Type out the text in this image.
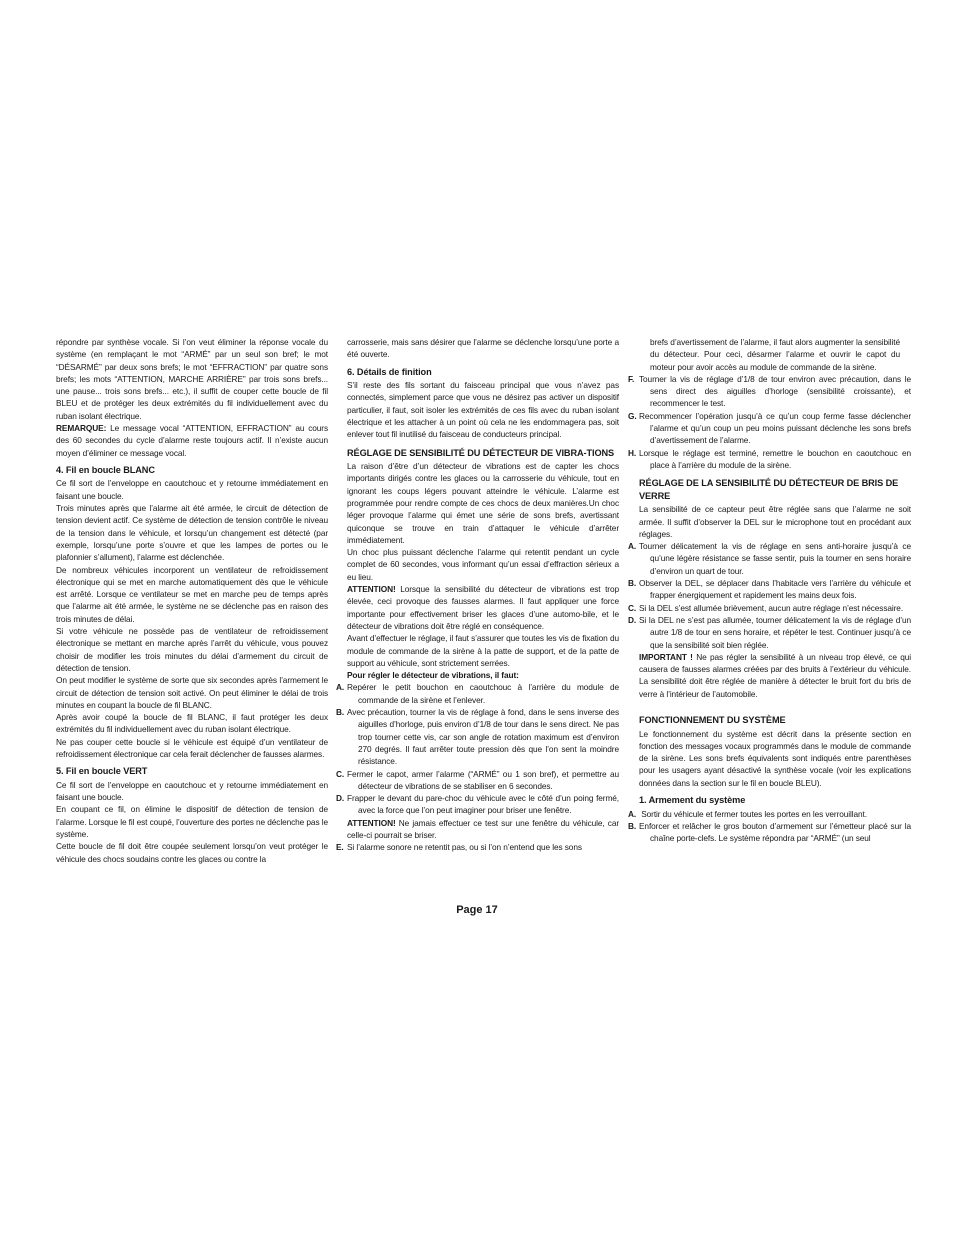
répondre par synthèse vocale. Si l’on veut éliminer la réponse vocale du système (en remplaçant le mot “ARMÉ” par un seul son bref; le mot “DÉSARMÉ” par deux sons brefs; le mot “EFFRACTION” par quatre sons brefs; les mots “ATTENTION, MARCHE ARRIÈRE” par trois sons brefs... une pause... trois sons brefs... etc.), il suffit de couper cette boucle de fil BLEU et de protéger les deux extrémités du fil individuellement avec du ruban isolant électrique.

REMARQUE: Le message vocal “ATTENTION, EFFRACTION” au cours des 60 secondes du cycle d’alarme reste toujours actif. Il n’existe aucun moyen d’éliminer ce message vocal.

4. Fil en boucle BLANC

Ce fil sort de l’enveloppe en caoutchouc et y retourne immédiatement en faisant une boucle.

Trois minutes après que l’alarme ait été armée, le circuit de détection de tension devient actif. Ce système de détection de tension contrôle le niveau de la tension dans le véhicule, et lorsqu’un changement est détecté (par exemple, lorsqu’une porte s’ouvre et que les lampes de portes ou le plafonnier s’allument), l’alarme est déclenchée.

De nombreux véhicules incorporent un ventilateur de refroidissement électronique qui se met en marche automatiquement dès que le véhicule est arrêté. Lorsque ce ventilateur se met en marche peu de temps après que l’alarme ait été armée, le système ne se déclenche pas en raison des trois minutes de délai.

Si votre véhicule ne possède pas de ventilateur de refroidissement électronique se mettant en marche après l’arrêt du véhicule, vous pouvez choisir de modifier les trois minutes du délai d’armement du circuit de détection de tension.

On peut modifier le système de sorte que six secondes après l’armement le circuit de détection de tension soit activé. On peut éliminer le délai de trois minutes en coupant la boucle de fil BLANC.

Après avoir coupé la boucle de fil BLANC, il faut protéger les deux extrémités du fil individuellement avec du ruban isolant électrique.

Ne pas couper cette boucle si le véhicule est équipé d’un ventilateur de refroidissement électronique car cela ferait déclencher de fausses alarmes.

5. Fil en boucle VERT

Ce fil sort de l’enveloppe en caoutchouc et y retourne immédiatement en faisant une boucle.

En coupant ce fil, on élimine le dispositif de détection de tension de l’alarme. Lorsque le fil est coupé, l’ouverture des portes ne déclenche pas le système.

Cette boucle de fil doit être coupée seulement lorsqu’on veut protéger le véhicule des chocs soudains contre les glaces ou contre la

carrosserie, mais sans désirer que l’alarme se déclenche lorsqu’une porte a été ouverte.

6. Détails de finition

S’il reste des fils sortant du faisceau principal que vous n’avez pas connectés, simplement parce que vous ne désirez pas activer un dispositif particulier, il faut, soit isoler les extrémités de ces fils avec du ruban isolant électrique et les attacher à un point où cela ne les endommagera pas, soit enlever tout fil inutilisé du faisceau de conducteurs principal.

RÉGLAGE DE SENSIBILITÉ DU DÉTECTEUR DE VIBRA-TIONS

La raison d’être d’un détecteur de vibrations est de capter les chocs importants dirigés contre les glaces ou la carrosserie du véhicule, tout en ignorant les coups légers pouvant atteindre le véhicule. L’alarme est programmée pour rendre compte de ces chocs de deux manières.Un choc léger provoque l’alarme qui émet une série de sons brefs, avertissant quiconque se trouve en train d’attaquer le véhicule d’arrêter immédiatement.

Un choc plus puissant déclenche l’alarme qui retentit pendant un cycle complet de 60 secondes, vous informant qu’un essai d’effraction sérieux a eu lieu.

ATTENTION! Lorsque la sensibilité du détecteur de vibrations est trop élevée, ceci provoque des fausses alarmes. Il faut appliquer une force importante pour effectivement briser les glaces d’une automo-bile, et le détecteur de vibrations doit être réglé en conséquence.

Avant d’effectuer le réglage, il faut s’assurer que toutes les vis de fixation du module de commande de la sirène à la patte de support, et de la patte de support au véhicule, sont strictement serrées.

Pour régler le détecteur de vibrations, il faut:

A. Repérer le petit bouchon en caoutchouc à l’arrière du module de commande de la sirène et l’enlever.

B. Avec précaution, tourner la vis de réglage à fond, dans le sens inverse des aiguilles d’horloge, puis environ d’1/8 de tour dans le sens direct. Ne pas trop tourner cette vis, car son angle de rotation maximum est d’environ 270 degrés. Il faut arrêter toute pression dès que l’on sent la moindre résistance.

C. Fermer le capot, armer l’alarme (“ARMÉ” ou 1 son bref), et permettre au détecteur de vibrations de se stabiliser en 6 secondes.

D. Frapper le devant du pare-choc du véhicule avec le côté d’un poing fermé, avec la force que l’on peut imaginer pour briser une fenêtre.

ATTENTION! Ne jamais effectuer ce test sur une fenêtre du véhicule, car celle-ci pourrait se briser.

E. Si l’alarme sonore ne retentit pas, ou si l’on n’entend que les sons

brefs d’avertissement de l’alarme, il faut alors augmenter la sensibilité du détecteur. Pour ceci, désarmer l’alarme et ouvrir le capot du moteur pour avoir accès au module de commande de la sirène.

F. Tourner la vis de réglage d’1/8 de tour environ avec précaution, dans le sens direct des aiguilles d’horloge (sensibilité croissante), et recommencer le test.

G. Recommencer l’opération jusqu’à ce qu’un coup ferme fasse déclencher l’alarme et qu’un coup un peu moins puissant déclenche les sons brefs d’avertissement de l’alarme.

H. Lorsque le réglage est terminé, remettre le bouchon en caoutchouc en place à l’arrière du module de la sirène.

RÉGLAGE DE LA SENSIBILITÉ DU DÉTECTEUR DE BRIS DE VERRE

La sensibilité de ce capteur peut être réglée sans que l’alarme ne soit armée. Il suffit d’observer la DEL sur le microphone tout en procédant aux réglages.

A. Tourner délicatement la vis de réglage en sens anti-horaire jusqu’à ce qu’une légère résistance se fasse sentir, puis la tourner en sens horaire d’environ un quart de tour.

B. Observer la DEL, se déplacer dans l’habitacle vers l’arrière du véhicule et frapper énergiquement et rapidement les mains deux fois.

C. Si la DEL s’est allumée brièvement, aucun autre réglage n’est nécessaire.

D. Si la DEL ne s’est pas allumée, tourner délicatement la vis de réglage d’un autre 1/8 de tour en sens horaire, et répéter le test. Continuer jusqu’à ce que la sensibilité soit bien réglée.

IMPORTANT ! Ne pas régler la sensibilité à un niveau trop élevé, ce qui causera de fausses alarmes créées par des bruits à l’extérieur du véhicule. La sensibilité doit être réglée de manière à détecter le bruit fort du bris de verre à l’intérieur de l’automobile.

FONCTIONNEMENT DU SYSTÈME

Le fonctionnement du système est décrit dans la présente section en fonction des messages vocaux programmés dans le module de commande de la sirène. Les sons brefs équivalents sont indiqués entre parenthèses pour les usagers ayant désactivé la synthèse vocale (voir les explications données dans la section sur le fil en boucle BLEU).

1. Armement du système

A. Sortir du véhicule et fermer toutes les portes en les verrouillant.

B. Enforcer et relâcher le gros bouton d’armement sur l’émetteur placé sur la chaîne porte-clefs. Le système répondra par “ARMÉ” (un seul

Page 17
